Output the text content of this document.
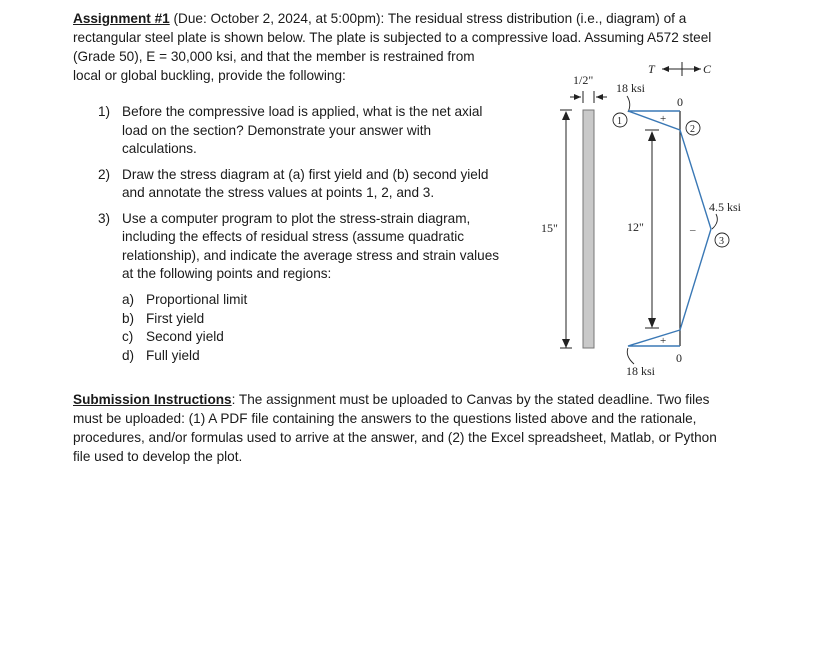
Assignment #1 (Due: October 2, 2024, at 5:00pm): The residual stress distribution (i.e., diagram) of a
rectangular steel plate is shown below. The plate is subjected to a compressive load. Assuming A572 steel
(Grade 50), E = 30,000 ksi, and that the member is restrained from
local or global buckling, provide the following:
1) Before the compressive load is applied, what is the net axial
load on the section? Demonstrate your answer with
calculations.
2) Draw the stress diagram at (a) first yield and (b) second yield
and annotate the stress values at points 1, 2, and 3.
3) Use a computer program to plot the stress-strain diagram,
including the effects of residual stress (assume quadratic
relationship), and indicate the average stress and strain values
at the following points and regions:
a) Proportional limit
b) First yield
c) Second yield
d) Full yield
1/2"
15"
T	C
18 ksi
0
12"
+
–
+
1
2
3
4.5 ksi
0
18 ksi
Submission Instructions: The assignment must be uploaded to Canvas by the stated deadline. Two files
must be uploaded: (1) A PDF file containing the answers to the questions listed above and the rationale,
procedures, and/or formulas used to arrive at the answer, and (2) the Excel spreadsheet, Matlab, or Python
file used to develop the plot.
